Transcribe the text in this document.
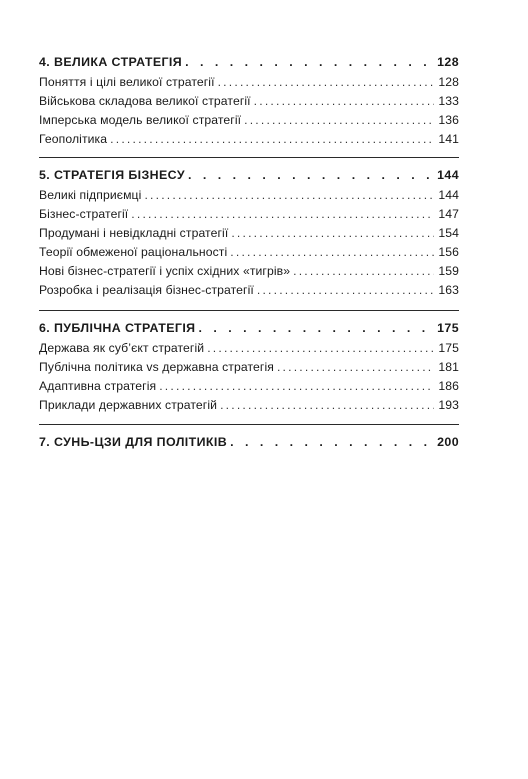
4. ВЕЛИКА СТРАТЕГІЯ . . .	128
Поняття і цілі великої стратегії .....	128
Військова складова великої стратегії .....	133
Імперська модель великої стратегії .....	136
Геополітика .....	141
5. СТРАТЕГІЯ БІЗНЕСУ . . .	144
Великі підприємці .....	144
Бізнес-стратегії .....	147
Продумані і невідкладні стратегії .....	154
Теорії обмеженої раціональності .....	156
Нові бізнес-стратегії і успіх східних «тигрів» .....	159
Розробка і реалізація бізнес-стратегії .....	163
6. ПУБЛІЧНА СТРАТЕГІЯ . . .	175
Держава як суб’єкт стратегій .....	175
Публічна політика vs державна стратегія .....	181
Адаптивна стратегія .....	186
Приклади державних стратегій .....	193
7. СУНЬ-ЦЗИ ДЛЯ ПОЛІТИКІВ . . .	200
